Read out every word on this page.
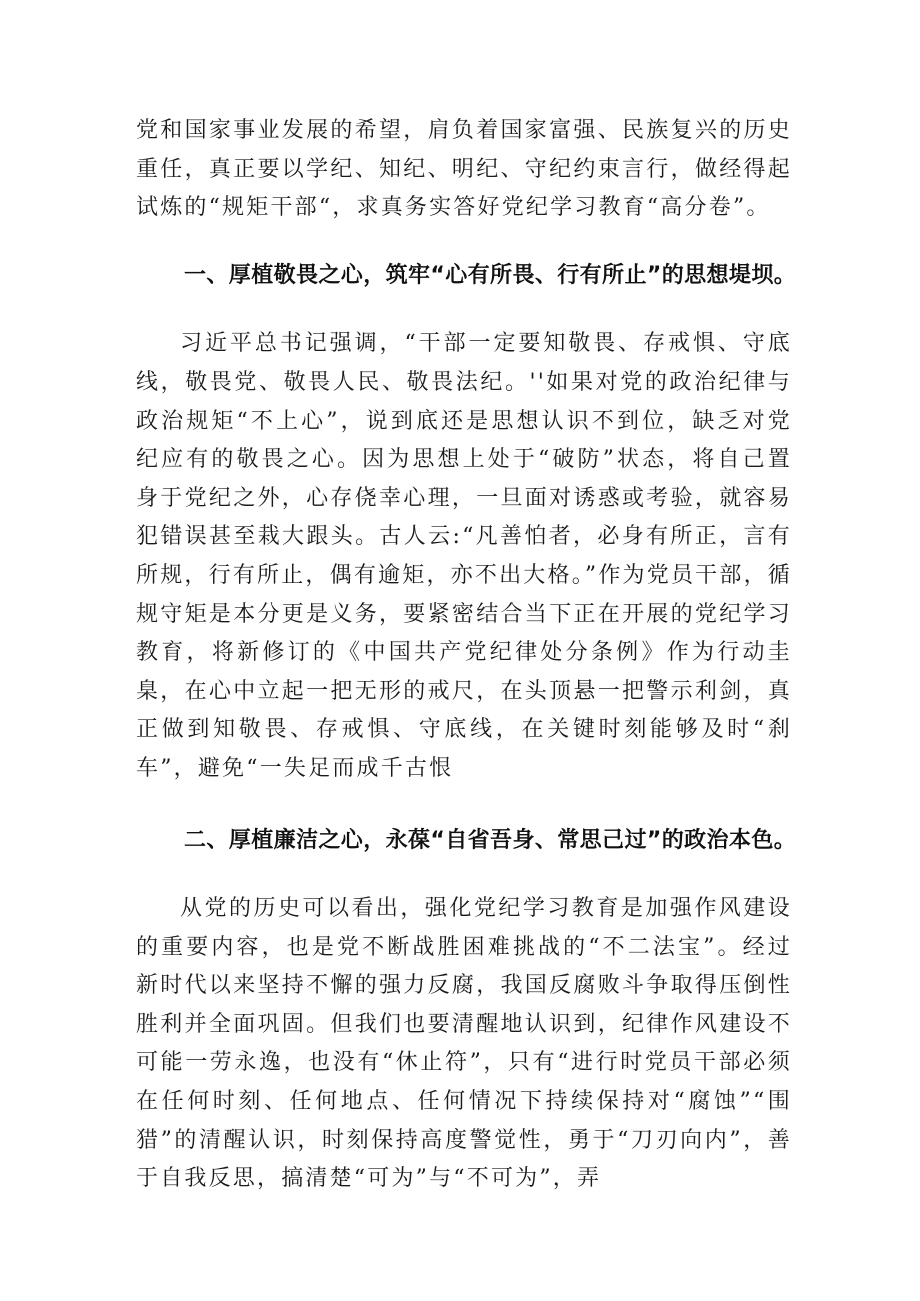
党和国家事业发展的希望，肩负着国家富强、民族复兴的历史重任，真正要以学纪、知纪、明纪、守纪约束言行，做经得起试炼的“规矩干部“，求真务实答好党纪学习教育“高分卷”。

一、厚植敬畏之心，筑牢“心有所畏、行有所止”的思想堤坝。

习近平总书记强调，“干部一定要知敬畏、存戒惧、守底线，敬畏党、敬畏人民、敬畏法纪。''如果对党的政治纪律与政治规矩“不上心”，说到底还是思想认识不到位，缺乏对党纪应有的敬畏之心。因为思想上处于“破防”状态，将自己置身于党纪之外，心存侥幸心理，一旦面对诱惑或考验，就容易犯错误甚至栽大跟头。古人云:“凡善怕者，必身有所正，言有所规，行有所止，偶有逾矩，亦不出大格。”作为党员干部，循规守矩是本分更是义务，要紧密结合当下正在开展的党纪学习教育，将新修订的《中国共产党纪律处分条例》作为行动圭臬，在心中立起一把无形的戒尺，在头顶悬一把警示利剑，真正做到知敬畏、存戒惧、守底线，在关键时刻能够及时“刹车”，避免“一失足而成千古恨

二、厚植廉洁之心，永葆“自省吾身、常思己过”的政治本色。

从党的历史可以看出，强化党纪学习教育是加强作风建设的重要内容，也是党不断战胜困难挑战的“不二法宝”。经过新时代以来坚持不懈的强力反腐，我国反腐败斗争取得压倒性胜利并全面巩固。但我们也要清醒地认识到，纪律作风建设不可能一劳永逸，也没有“休止符”，只有“进行时党员干部必须在任何时刻、任何地点、任何情况下持续保持对“腐蚀”“围猎”的清醒认识，时刻保持高度警觉性，勇于“刀刃向内”，善于自我反思，搞清楚“可为”与“不可为”，弄
